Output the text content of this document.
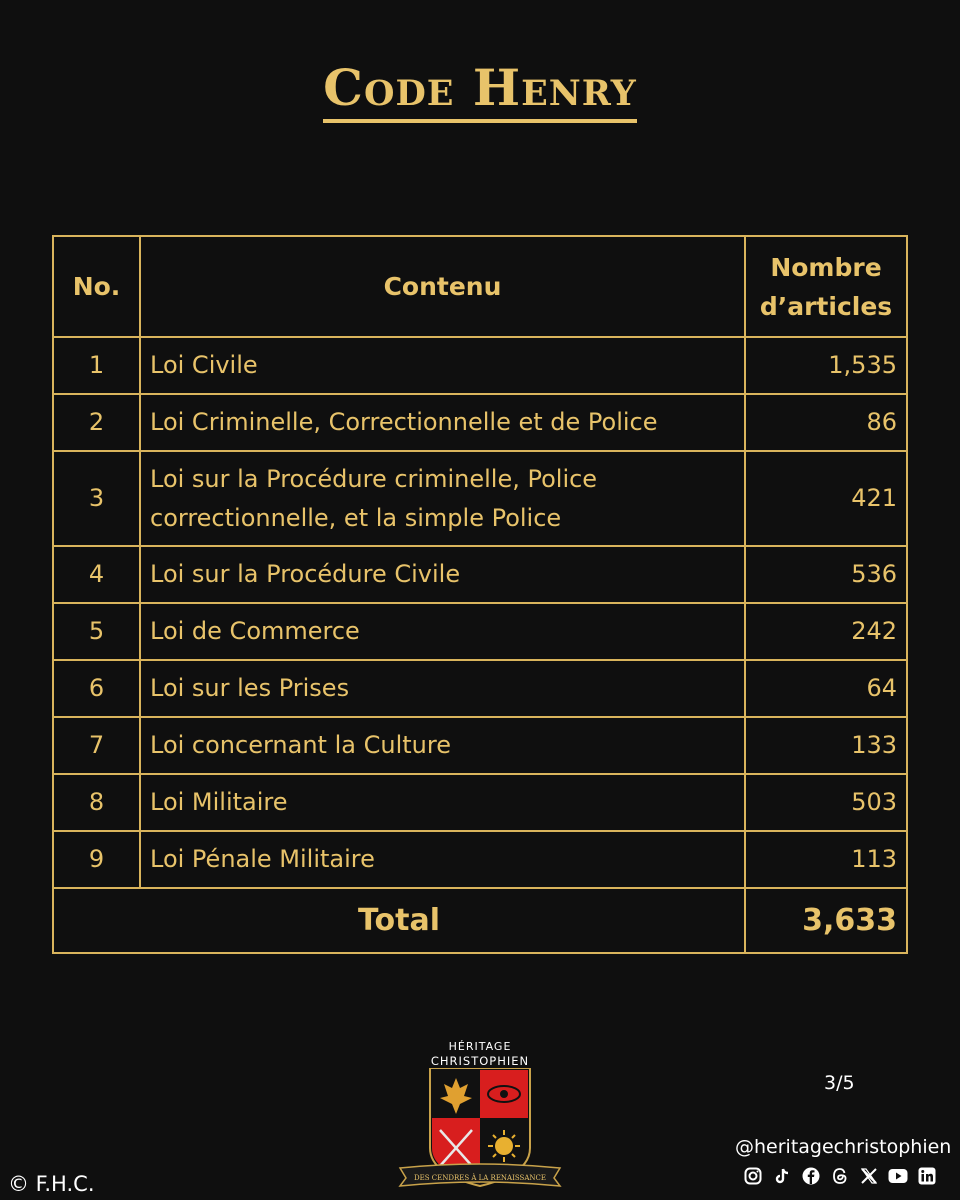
Code Henry
No.	Contenu	Nombre
d’articles
1	Loi Civile	1,535
2	Loi Criminelle, Correctionnelle et de Police	86
3	Loi sur la Procédure criminelle, Police correctionnelle, et la simple Police	421
4	Loi sur la Procédure Civile	536
5	Loi de Commerce	242
6	Loi sur les Prises	64
7	Loi concernant la Culture	133
8	Loi Militaire	503
9	Loi Pénale Militaire	113
Total		3,633
HÉRITAGE
CHRISTOPHIEN
DES CENDRES À LA RENAISSANCE
3/5
@heritagechristophien
© F.H.C.
